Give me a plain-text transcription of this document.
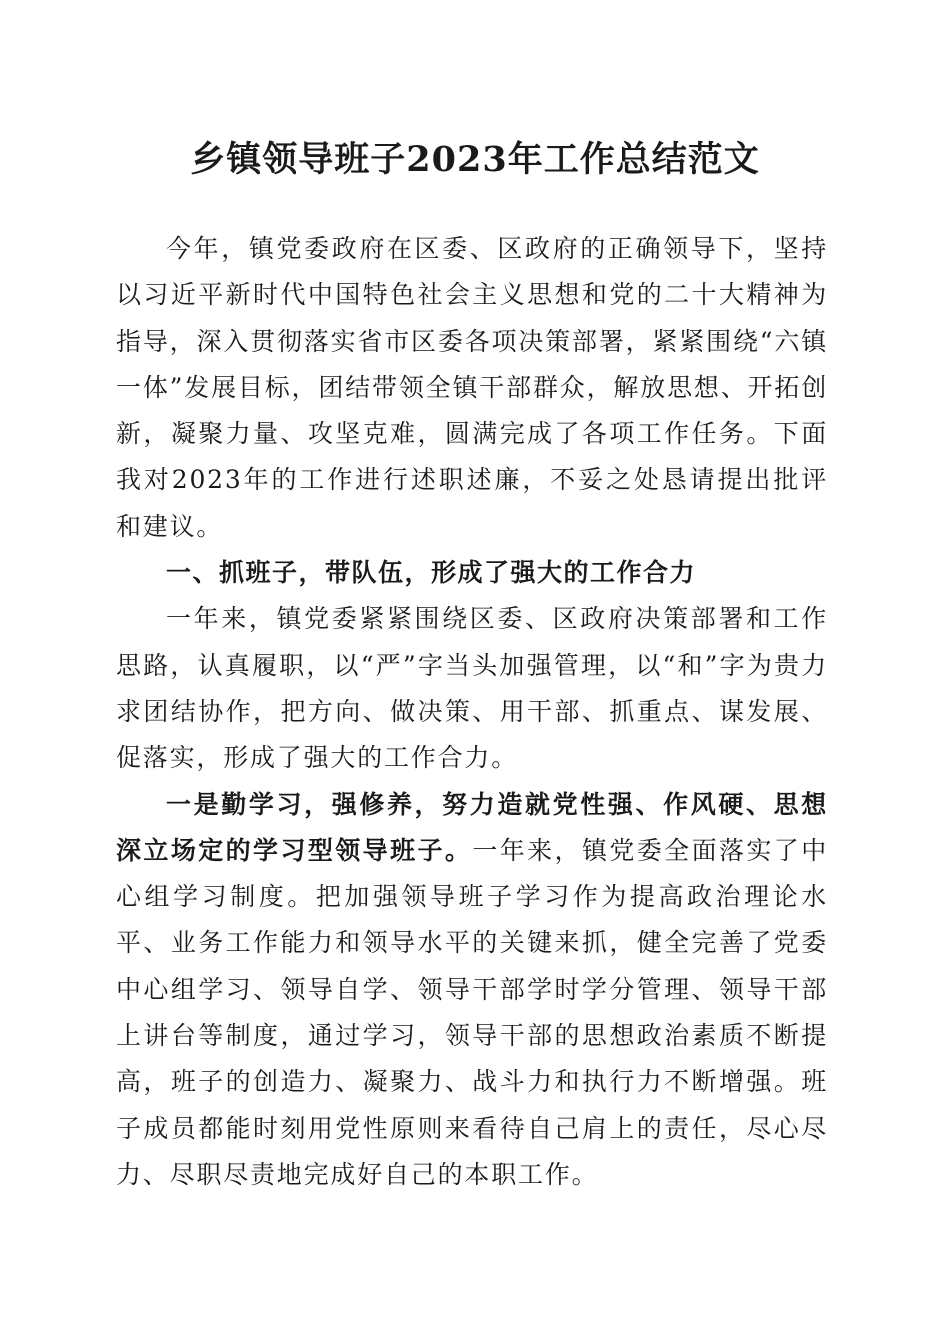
乡镇领导班子2023年工作总结范文

今年，镇党委政府在区委、区政府的正确领导下，坚持以习近平新时代中国特色社会主义思想和党的二十大精神为指导，深入贯彻落实省市区委各项决策部署，紧紧围绕“六镇一体”发展目标，团结带领全镇干部群众，解放思想、开拓创新，凝聚力量、攻坚克难，圆满完成了各项工作任务。下面我对2023年的工作进行述职述廉，不妥之处恳请提出批评和建议。

一、抓班子，带队伍，形成了强大的工作合力

一年来，镇党委紧紧围绕区委、区政府决策部署和工作思路，认真履职，以“严”字当头加强管理，以“和”字为贵力求团结协作，把方向、做决策、用干部、抓重点、谋发展、促落实，形成了强大的工作合力。

一是勤学习，强修养，努力造就党性强、作风硬、思想深立场定的学习型领导班子。一年来，镇党委全面落实了中心组学习制度。把加强领导班子学习作为提高政治理论水平、业务工作能力和领导水平的关键来抓，健全完善了党委中心组学习、领导自学、领导干部学时学分管理、领导干部上讲台等制度，通过学习，领导干部的思想政治素质不断提高，班子的创造力、凝聚力、战斗力和执行力不断增强。班子成员都能时刻用党性原则来看待自己肩上的责任，尽心尽力、尽职尽责地完成好自己的本职工作。
